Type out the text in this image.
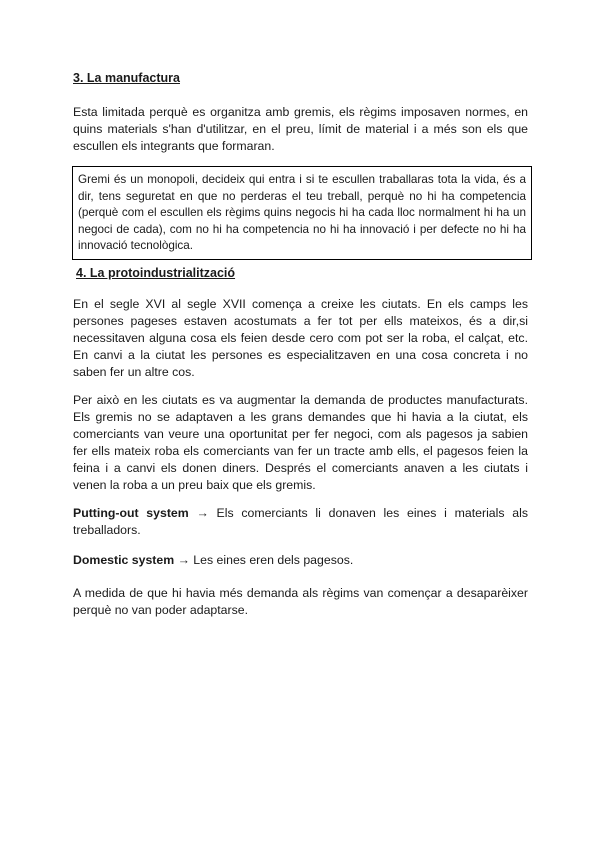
3. La manufactura

Esta limitada perquè es organitza amb gremis, els règims imposaven normes, en quins materials s'han d'utilitzar, en el preu, límit de material i a més son els que escullen els integrants que formaran.

Gremi és un monopoli, decideix qui entra i si te escullen traballaras tota la vida, és a dir, tens seguretat en que no perderas el teu treball, perquè no hi ha competencia (perquè com el escullen els règims quins negocis hi ha cada lloc normalment hi ha un negoci de cada), com no hi ha competencia no hi ha innovació i per defecte no hi ha innovació tecnològica.
4. La protoindustrialització

En el segle XVI al segle XVII comença a creixe les ciutats. En els camps les persones pageses estaven acostumats a fer tot per ells mateixos, és a dir,si necessitaven alguna cosa els feien desde cero com pot ser la roba, el calçat, etc. En canvi a la ciutat les persones es especialitzaven en una cosa concreta i no saben fer un altre cos.

Per això en les ciutats es va augmentar la demanda de productes manufacturats. Els gremis no se adaptaven a les grans demandes que hi havia a la ciutat, els comerciants van veure una oportunitat per fer negoci, com als pagesos ja sabien fer ells mateix roba els comerciants van fer un tracte amb ells, el pagesos feien la feina i a canvi els donen diners. Després el comerciants anaven a les ciutats i venen la roba a un preu baix que els gremis.

Putting-out system → Els comerciants li donaven les eines i materials als treballadors.

Domestic system → Les eines eren dels pagesos.

A medida de que hi havia més demanda als règims van començar a desaparèixer perquè no van poder adaptarse.
